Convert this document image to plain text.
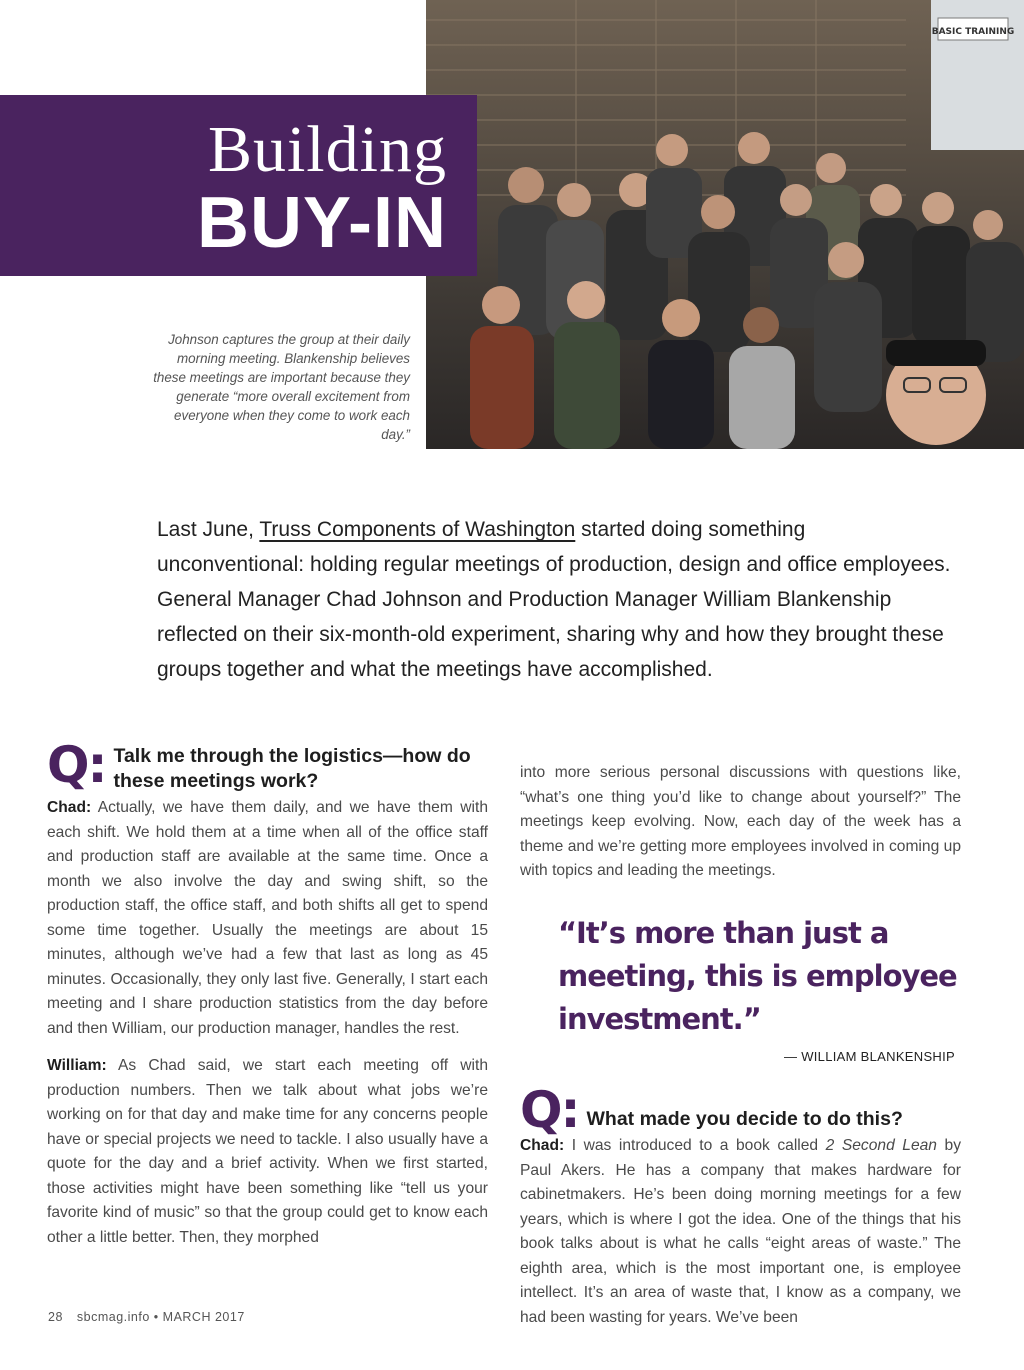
BASIC TRAINING
Building
BUY-IN
Johnson captures the group at their daily morning meeting. Blankenship believes these meetings are important because they generate “more overall excitement from everyone when they come to work each day.”
Last June, Truss Components of Washington started doing something unconventional: holding regular meetings of production, design and office employees. General Manager Chad Johnson and Production Manager William Blankenship reflected on their six-month-old experiment, sharing why and how they brought these groups together and what the meetings have accomplished.
Q: Talk me through the logistics—how do these meetings work?

Chad: Actually, we have them daily, and we have them with each shift. We hold them at a time when all of the office staff and production staff are available at the same time. Once a month we also involve the day and swing shift, so the production staff, the office staff, and both shifts all get to spend some time together. Usually the meetings are about 15 minutes, although we’ve had a few that last as long as 45 minutes. Occasionally, they only last five. Generally, I start each meeting and I share production statistics from the day before and then William, our production manager, handles the rest.

William: As Chad said, we start each meeting off with production numbers. Then we talk about what jobs we’re working on for that day and make time for any concerns people have or special projects we need to tackle. I also usually have a quote for the day and a brief activity. When we first started, those activities might have been something like “tell us your favorite kind of music” so that the group could get to know each other a little better. Then, they morphed

into more serious personal discussions with questions like, “what’s one thing you’d like to change about yourself?” The meetings keep evolving. Now, each day of the week has a theme and we’re getting more employees involved in coming up with topics and leading the meetings.

“It’s more than just a meeting, this is employee investment.”
— WILLIAM BLANKENSHIP
Q: What made you decide to do this?

Chad: I was introduced to a book called 2 Second Lean by Paul Akers. He has a company that makes hardware for cabinetmakers. He’s been doing morning meetings for a few years, which is where I got the idea. One of the things that his book talks about is what he calls “eight areas of waste.” The eighth area, which is the most important one, is employee intellect. It’s an area of waste that, I know as a company, we had been wasting for years. We’ve been

28 sbcmag.info • MARCH 2017
